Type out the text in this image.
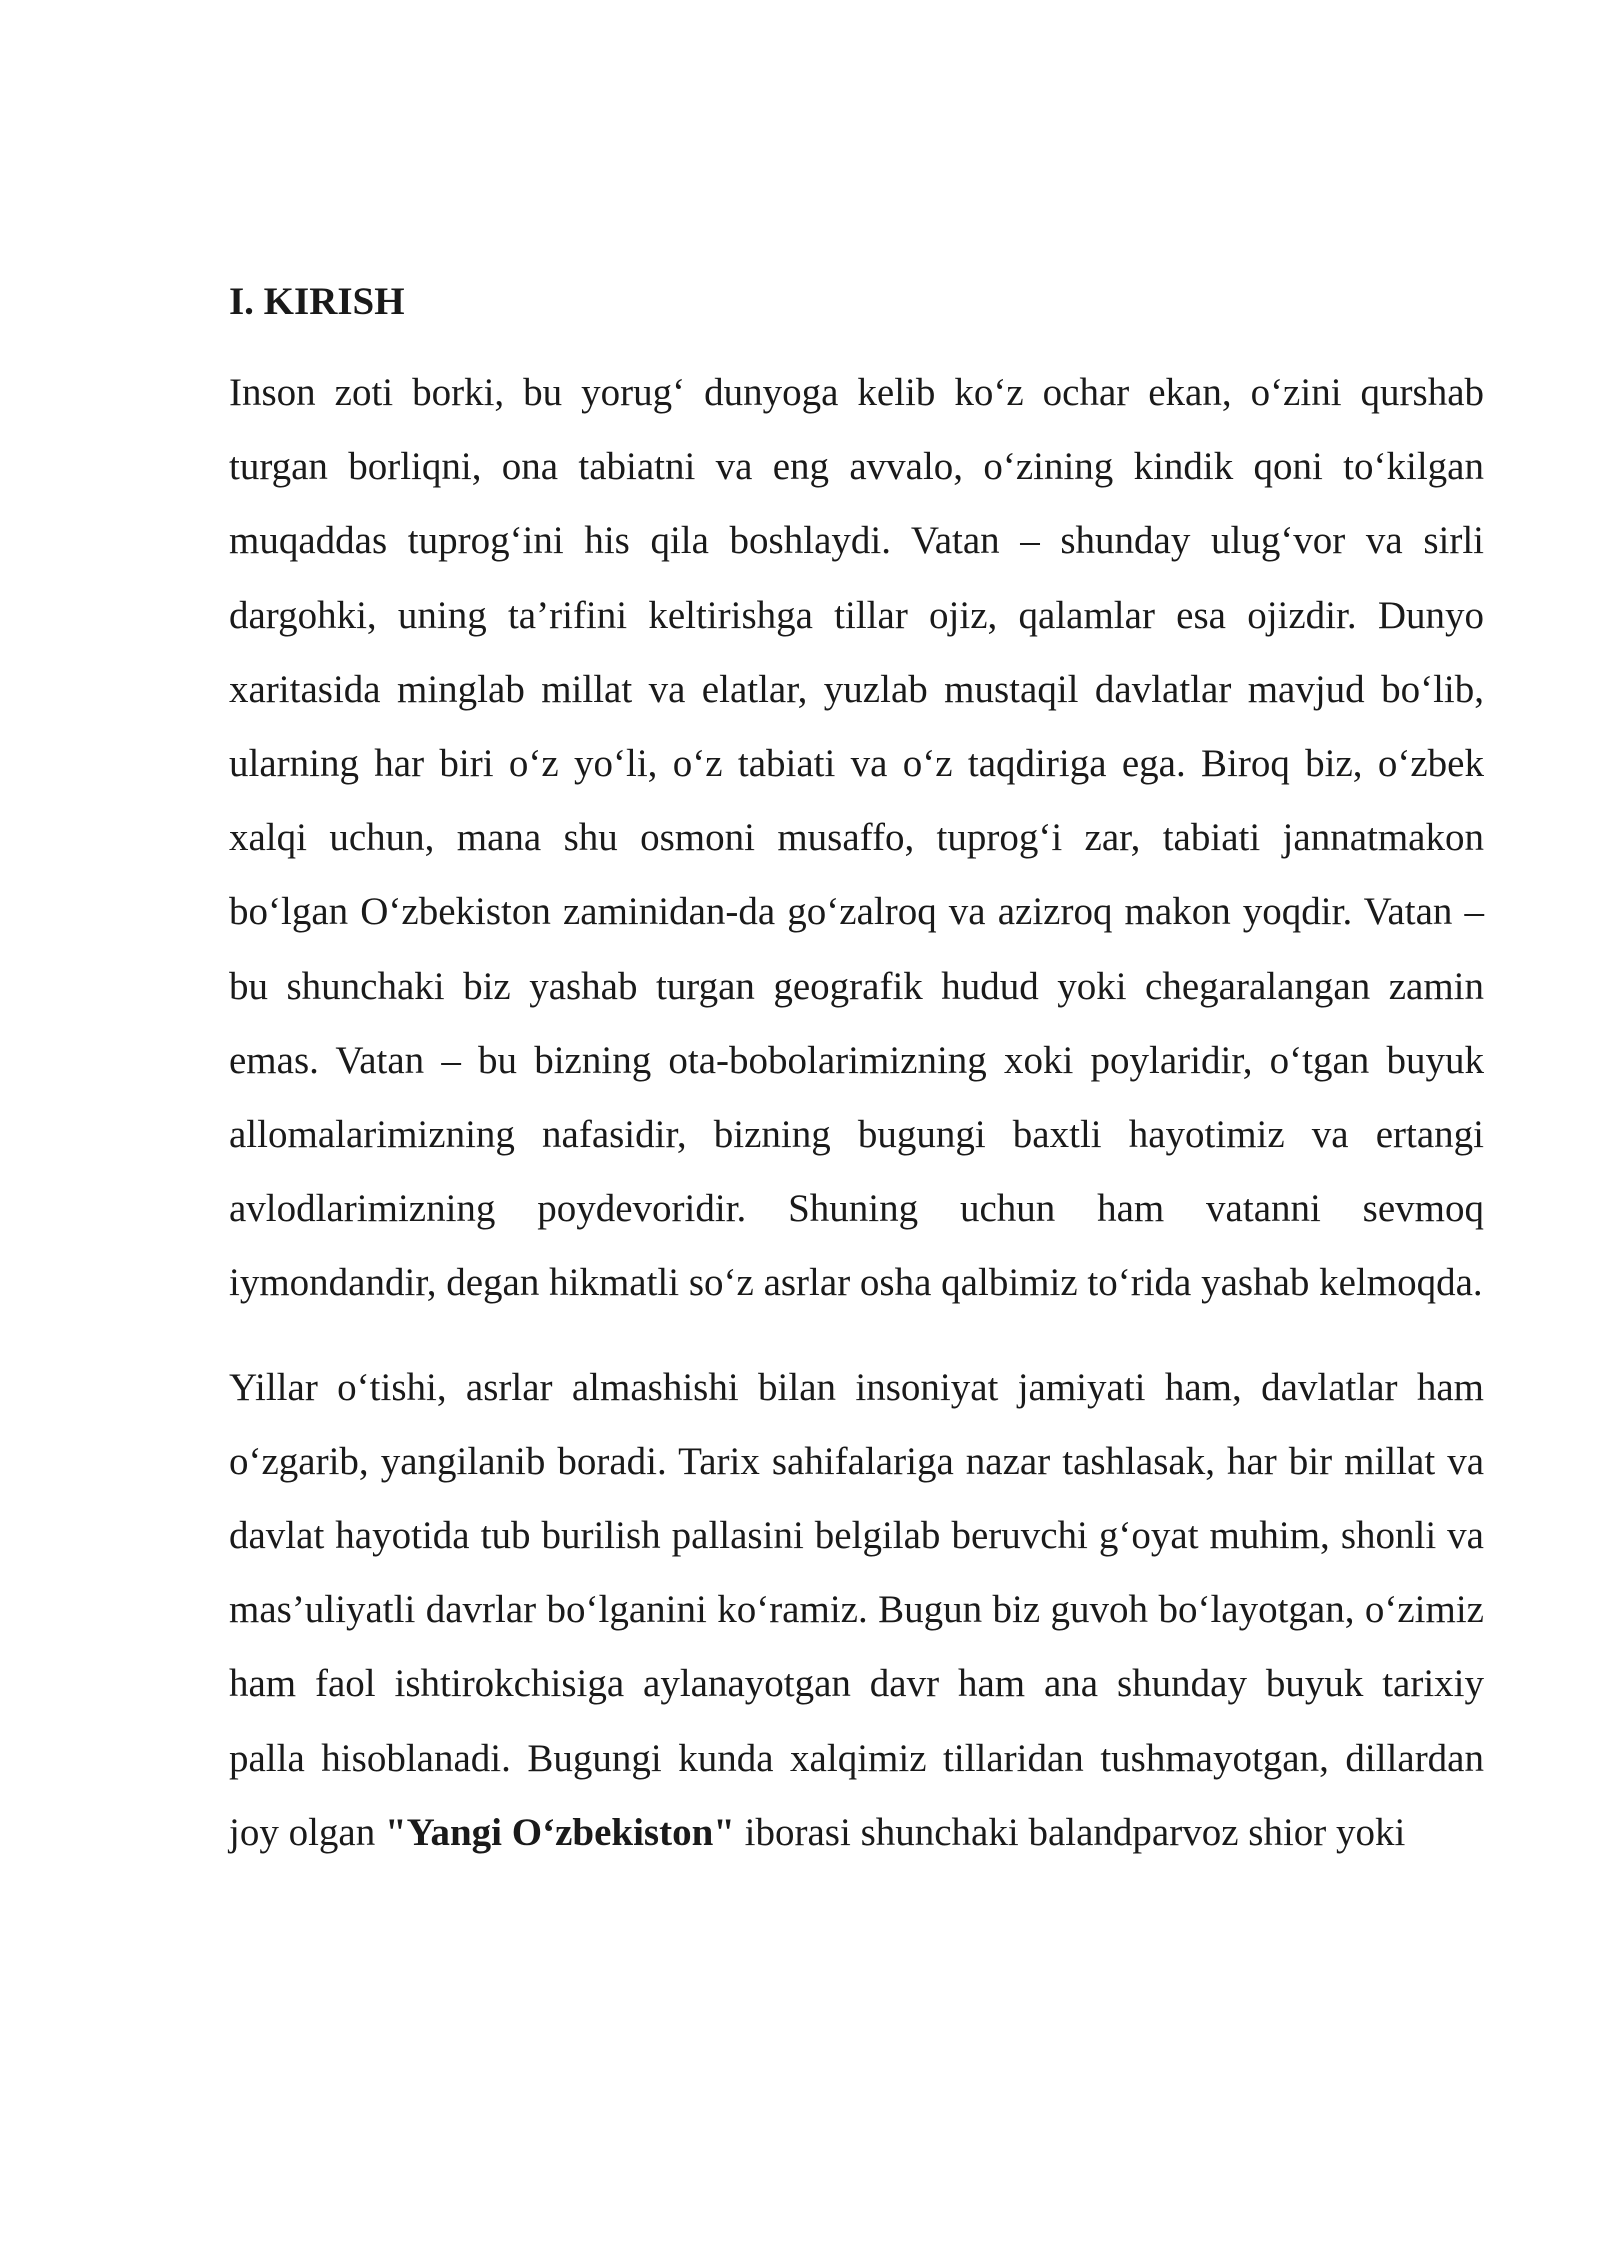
I. KIRISH

Inson zoti borki, bu yorug‘ dunyoga kelib ko‘z ochar ekan, o‘zini qurshab turgan borliqni, ona tabiatni va eng avvalo, o‘zining kindik qoni to‘kilgan muqaddas tuprog‘ini his qila boshlaydi. Vatan – shunday ulug‘vor va sirli dargohki, uning ta’rifini keltirishga tillar ojiz, qalamlar esa ojizdir. Dunyo xaritasida minglab millat va elatlar, yuzlab mustaqil davlatlar mavjud bo‘lib, ularning har biri o‘z yo‘li, o‘z tabiati va o‘z taqdiriga ega. Biroq biz, o‘zbek xalqi uchun, mana shu osmoni musaffo, tuprog‘i zar, tabiati jannatmakon bo‘lgan O‘zbekiston zaminidan-da go‘zalroq va azizroq makon yoqdir. Vatan – bu shunchaki biz yashab turgan geografik hudud yoki chegaralangan zamin emas. Vatan – bu bizning ota-bobolarimizning xoki poylaridir, o‘tgan buyuk allomalarimizning nafasidir, bizning bugungi baxtli hayotimiz va ertangi avlodlarimizning poydevoridir. Shuning uchun ham vatanni sevmoq iymondandir, degan hikmatli so‘z asrlar osha qalbimiz to‘rida yashab kelmoqda.

Yillar o‘tishi, asrlar almashishi bilan insoniyat jamiyati ham, davlatlar ham o‘zgarib, yangilanib boradi. Tarix sahifalariga nazar tashlasak, har bir millat va davlat hayotida tub burilish pallasini belgilab beruvchi g‘oyat muhim, shonli va mas’uliyatli davrlar bo‘lganini ko‘ramiz. Bugun biz guvoh bo‘layotgan, o‘zimiz ham faol ishtirokchisiga aylanayotgan davr ham ana shunday buyuk tarixiy palla hisoblanadi. Bugungi kunda xalqimiz tillaridan tushmayotgan, dillardan joy olgan "Yangi O‘zbekiston" iborasi shunchaki balandparvoz shior yoki
